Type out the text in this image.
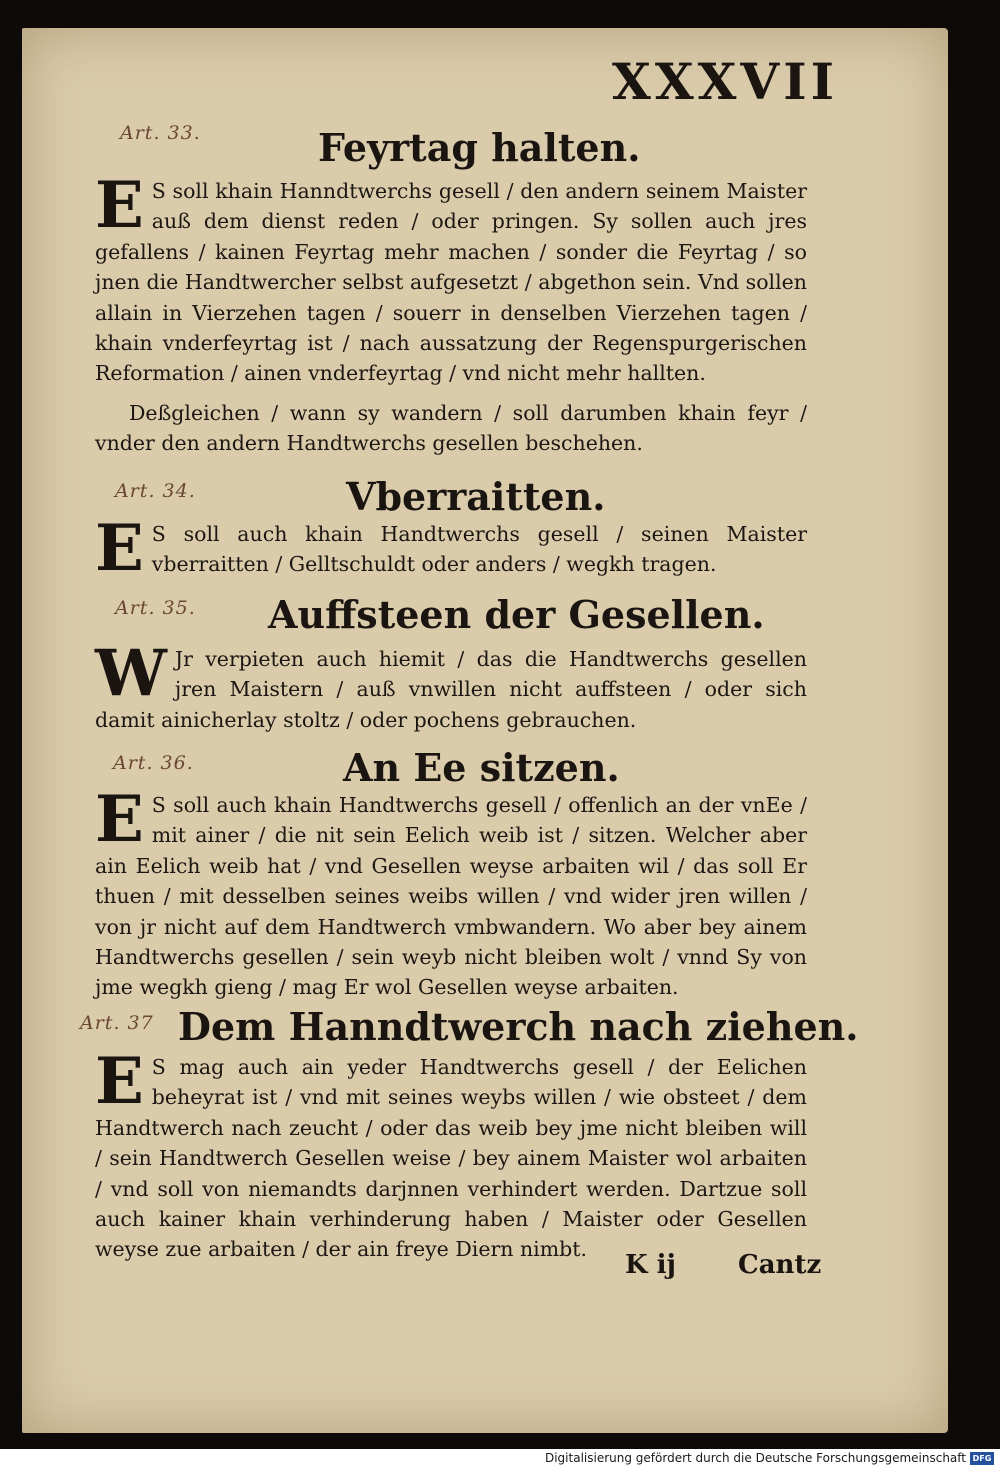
XXXVII
Art. 33.	Feyrtag halten.

E S soll khain Hanndtwerchs gesell / den andern seinem Maister auß dem dienst reden / oder pringen. Sy sollen auch jres gefallens / kainen Feyrtag mehr machen / sonder die Feyrtag / so jnen die Handtwercher selbst aufgesetzt / abgethon sein. Vnd sollen allain in Vierzehen tagen / souerr in denselben Vierzehen tagen / khain vnderfeyrtag ist / nach aussatzung der Regenspurgerischen Reformation / ainen vnderfeyrtag / vnd nicht mehr hallten.

Deßgleichen / wann sy wandern / soll darumben khain feyr / vnder den andern Handtwerchs gesellen beschehen.

Art. 34.	Vberraitten.

E S soll auch khain Handtwerchs gesell / seinen Maister vberraitten / Gelltschuldt oder anders / wegkh tragen.

Art. 35. Auffsteen der Gesellen.

W Jr verpieten auch hiemit / das die Handtwerchs gesellen jren Maistern / auß vnwillen nicht auffsteen / oder sich damit ainicherlay stoltz / oder pochens gebrauchen.

Art. 36.	An Ee sitzen.

E S soll auch khain Handtwerchs gesell / offenlich an der vnEe / mit ainer / die nit sein Eelich weib ist / sitzen. Welcher aber ain Eelich weib hat / vnd Gesellen weyse arbaiten wil / das soll Er thuen / mit desselben seines weibs willen / vnd wider jren willen / von jr nicht auf dem Handtwerch vmbwandern. Wo aber bey ainem Handtwerchs gesellen / sein weyb nicht bleiben wolt / vnnd Sy von jme wegkh gieng / mag Er wol Gesellen weyse arbaiten.

Art. 37 Dem Hanndtwerch nach ziehen.

E S mag auch ain yeder Handtwerchs gesell / der Eelichen beheyrat ist / vnd mit seines weybs willen / wie obsteet / dem Handtwerch nach zeucht / oder das weib bey jme nicht bleiben will / sein Handtwerch Gesellen weise / bey ainem Maister wol arbaiten / vnd soll von niemandts darjnnen verhindert werden. Dartzue soll auch kainer khain verhinderung haben / Maister oder Gesellen weyse zue arbaiten / der ain freye Diern nimbt.

K ij Cantz
Digitalisierung gefördert durch die Deutsche Forschungsgemeinschaft DFG
